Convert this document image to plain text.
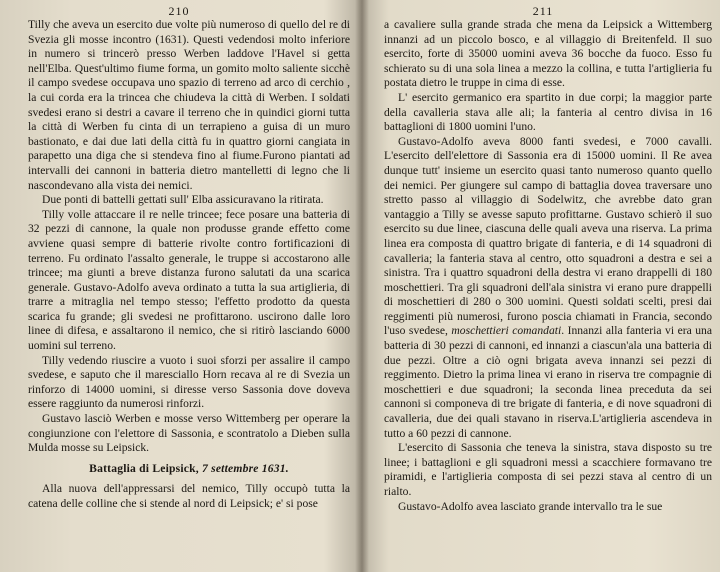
210

Tilly che aveva un esercito due volte più numeroso di quello del re di Svezia gli mosse incontro (1631). Questi vedendosi molto inferiore in numero si trincerò presso Werben laddove l'Havel si getta nell'Elba. Quest'ultimo fiume forma, un gomito molto saliente sicchè il campo svedese occupava uno spazio di terreno ad arco di cerchio , la cui corda era la trincea che chiudeva la città di Werben. I soldati svedesi erano si destri a cavare il terreno che in quindici giorni tutta la città di Werben fu cinta di un terrapieno a guisa di un muro bastionato, e dai due lati della città fu in quattro giorni cangiata in parapetto una diga che si stendeva fino al fiume.Furono piantati ad intervalli dei cannoni in batteria dietro mantelletti di legno che li nascondevano alla vista dei nemici.

Due ponti di battelli gettati sull' Elba assicuravano la ritirata.

Tilly volle attaccare il re nelle trincee; fece posare una batteria di 32 pezzi di cannone, la quale non produsse grande effetto come avviene quasi sempre di batterie rivolte contro fortificazioni di terreno. Fu ordinato l'assalto generale, le truppe si accostarono alle trincee; ma giunti a breve distanza furono salutati da una scarica generale. Gustavo-Adolfo aveva ordinato a tutta la sua artiglieria, di trarre a mitraglia nel tempo stesso; l'effetto prodotto da questa scarica fu grande; gli svedesi ne profittarono. uscirono dalle loro linee di difesa, e assaltarono il nemico, che si ritirò lasciando 6000 uomini sul terreno.

Tilly vedendo riuscire a vuoto i suoi sforzi per assalire il campo svedese, e saputo che il maresciallo Horn recava al re di Svezia un rinforzo di 14000 uomini, si diresse verso Sassonia dove doveva essere raggiunto da numerosi rinforzi.

Gustavo lasciò Werben e mosse verso Wittemberg per operare la congiunzione con l'elettore di Sassonia, e scontratolo a Dieben sulla Mulda mosse su Leipsick.

Battaglia di Leipsick, 7 settembre 1631.

Alla nuova dell'appressarsi del nemico, Tilly occupò tutta la catena delle colline che si stende al nord di Leipsick; e' si pose

211

a cavaliere sulla grande strada che mena da Leipsick a Wittemberg innanzi ad un piccolo bosco, e al villaggio di Breitenfeld. Il suo esercito, forte di 35000 uomini aveva 36 bocche da fuoco. Esso fu schierato su di una sola linea a mezzo la collina, e tutta l'artiglieria fu postata dietro le truppe in cima di esse.

L' esercito germanico era spartito in due corpi; la maggior parte della cavalleria stava alle ali; la fanteria al centro divisa in 16 battaglioni di 1800 uomini l'uno.

Gustavo-Adolfo aveva 8000 fanti svedesi, e 7000 cavalli. L'esercito dell'elettore di Sassonia era di 15000 uomini. Il Re avea dunque tutt' insieme un esercito quasi tanto numeroso quanto quello dei nemici. Per giungere sul campo di battaglia dovea traversare uno stretto passo al villaggio di Sodelwitz, che avrebbe dato gran vantaggio a Tilly se avesse saputo profittarne. Gustavo schierò il suo esercito su due linee, ciascuna delle quali aveva una riserva. La prima linea era composta di quattro brigate di fanteria, e di 14 squadroni di cavalleria; la fanteria stava al centro, otto squadroni a destra e sei a sinistra. Tra i quattro squadroni della destra vi erano drappelli di 180 moschettieri. Tra gli squadroni dell'ala sinistra vi erano pure drappelli di moschettieri di 280 o 300 uomini. Questi soldati scelti, presi dai reggimenti più numerosi, furono poscia chiamati in Francia, secondo l'uso svedese, moschettieri comandati. Innanzi alla fanteria vi era una batteria di 30 pezzi di cannoni, ed innanzi a ciascun'ala una batteria di due pezzi. Oltre a ciò ogni brigata aveva innanzi sei pezzi di reggimento. Dietro la prima linea vi erano in riserva tre compagnie di moschettieri e due squadroni; la seconda linea preceduta da sei cannoni si componeva di tre brigate di fanteria, e di nove squadroni di cavalleria, due dei quali stavano in riserva.L'artiglieria ascendeva in tutto a 60 pezzi di cannone.

L'esercito di Sassonia che teneva la sinistra, stava disposto su tre linee; i battaglioni e gli squadroni messi a scacchiere formavano tre piramidi, e l'artiglieria composta di sei pezzi stava al centro di un rialto.

Gustavo-Adolfo avea lasciato grande intervallo tra le sue
